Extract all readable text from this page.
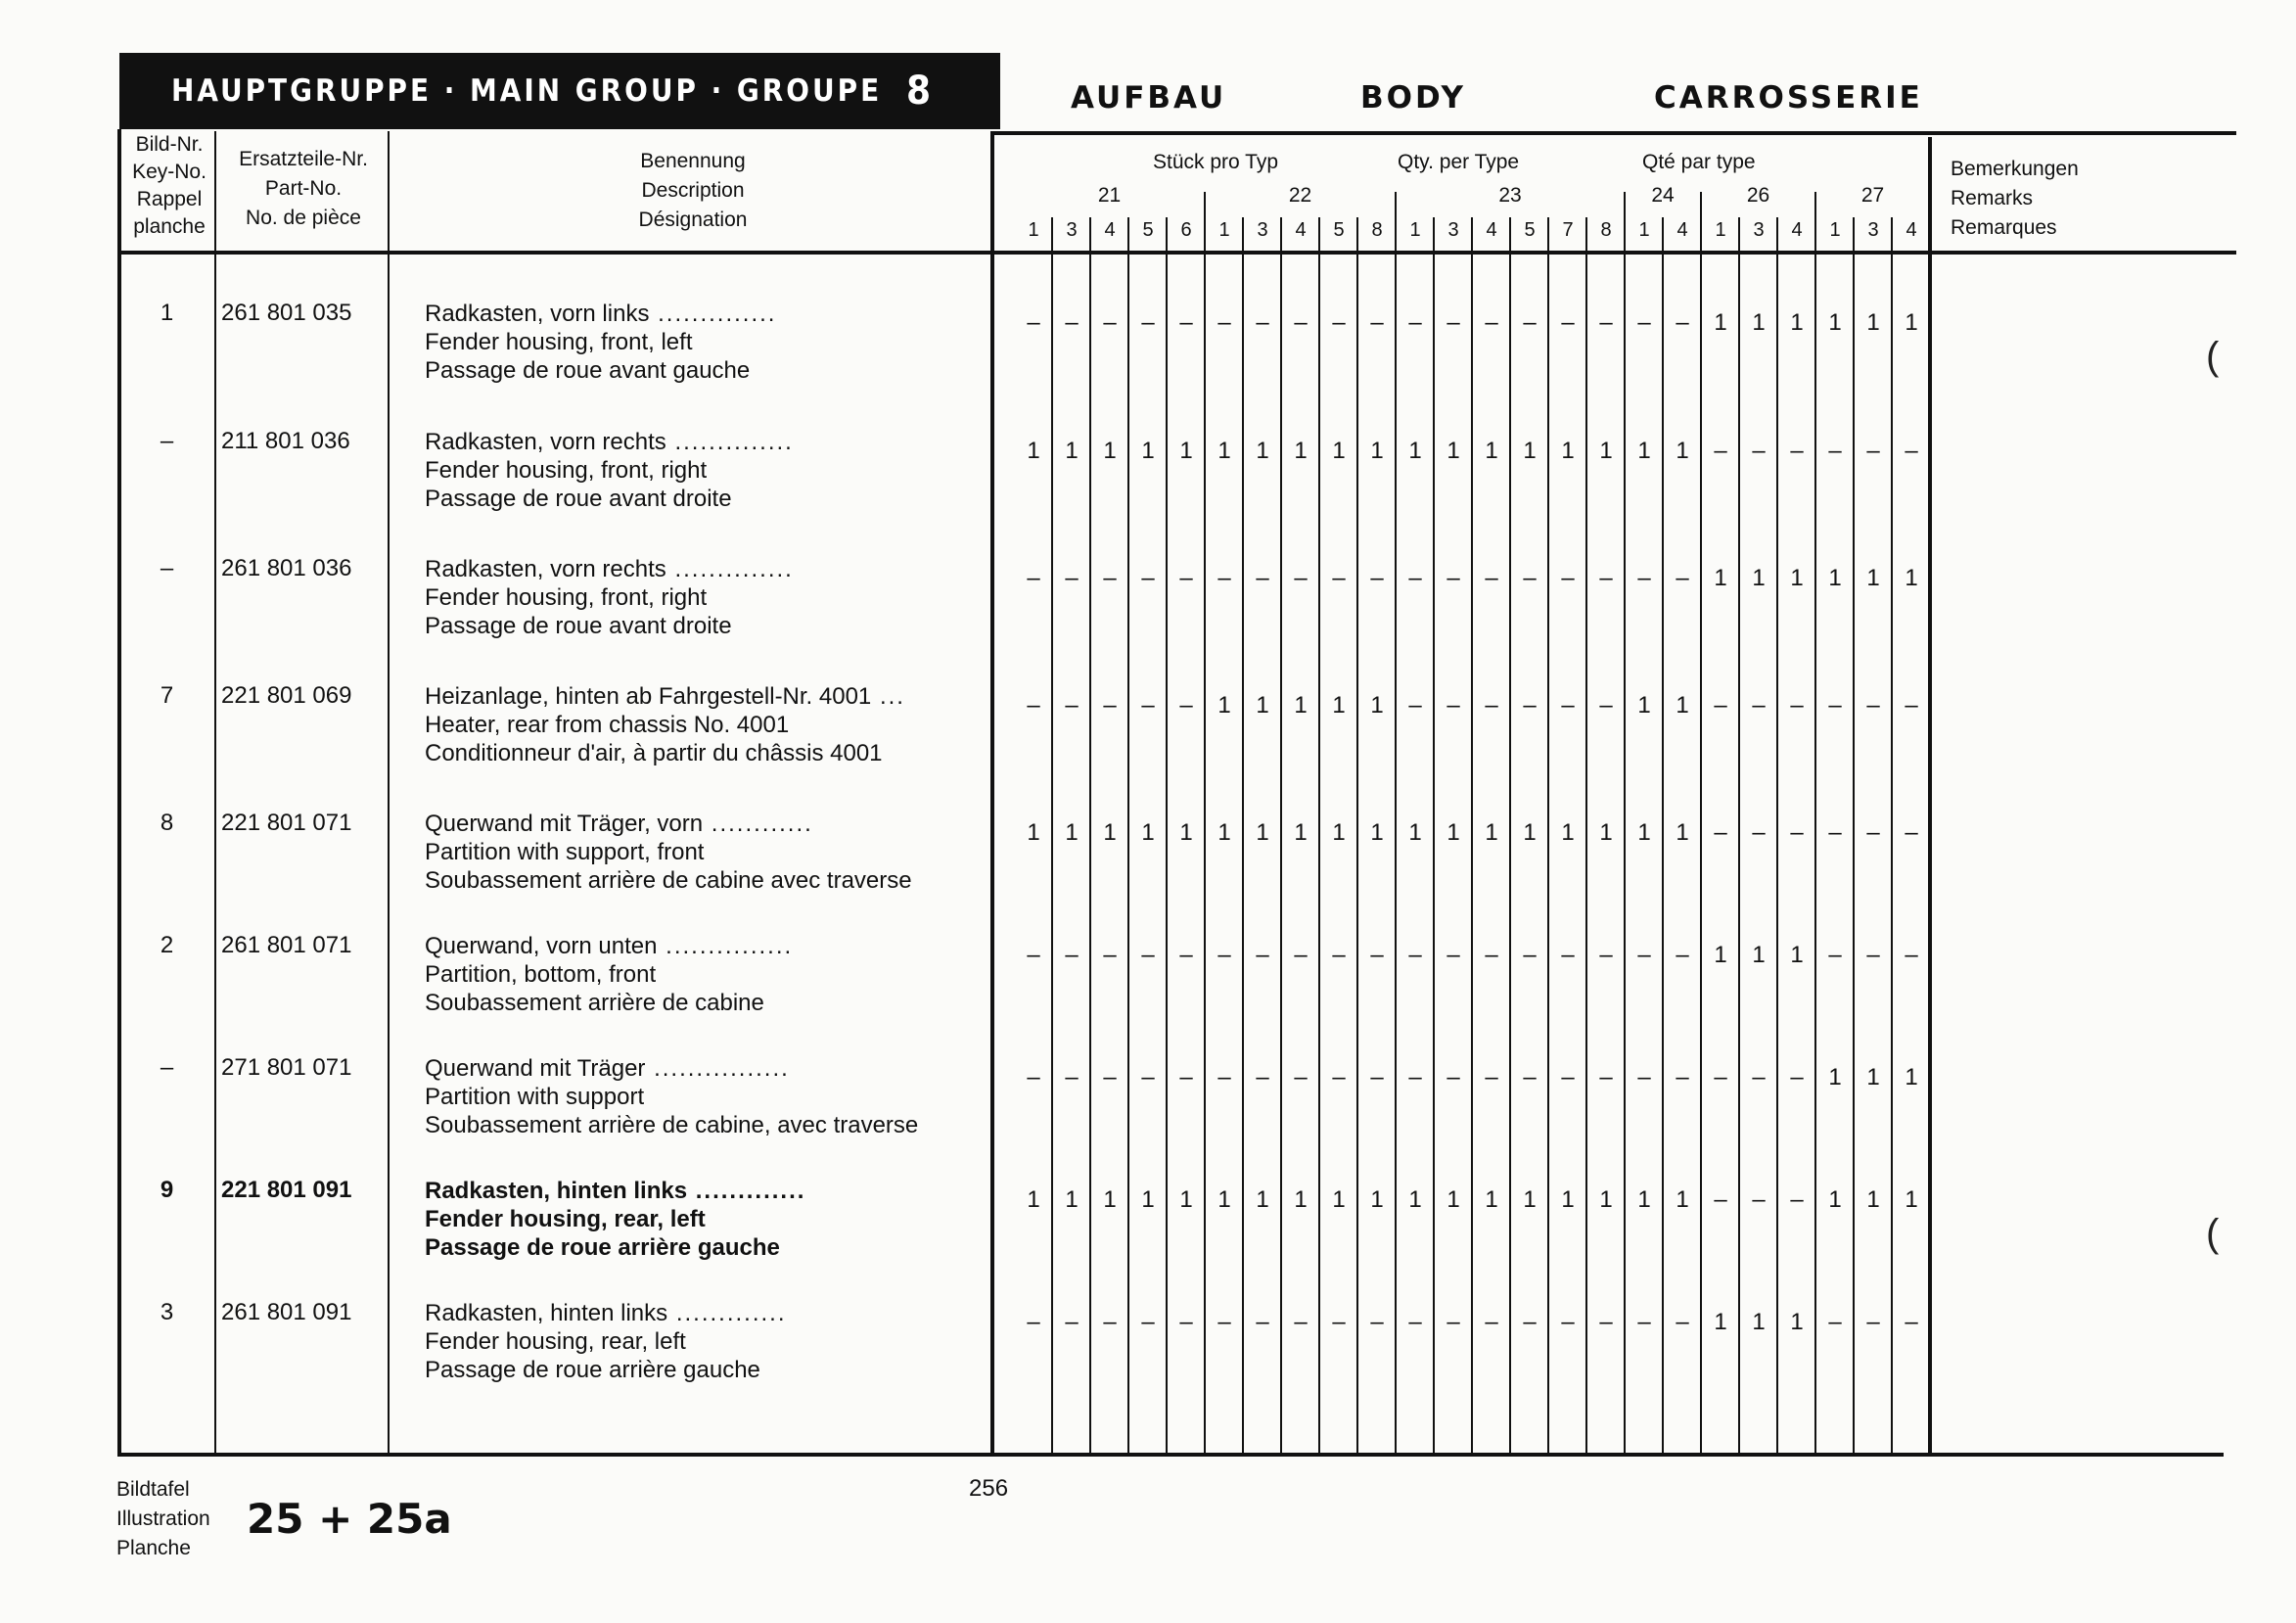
HAUPTGRUPPE · MAIN GROUP · GROUPE 8	AUFBAU	BODY	CARROSSERIE
Bild-Nr.
Key-No.
Rappel
planche
Ersatzteile-Nr.
Part-No.
No. de pièce
Benennung
Description
Désignation
Stück pro Typ	Qty. per Type	Qté par type	Bemerkungen
Remarks
Remarques
21	22	23	24	26	27
1	3	4	5	6	1	3	4	5	8	1	3	4	5	7	8	1	4	1	3	4	1	3	4
1	261 801 035	Radkasten, vorn links ..............
Fender housing, front, left
Passage de roue avant gauche
–	–	–	–	–	–	–	–	–	–	–	–	–	–	–	–	–	–	1	1	1	1	1	1
–	211 801 036	Radkasten, vorn rechts ..............
Fender housing, front, right
Passage de roue avant droite
1	1	1	1	1	1	1	1	1	1	1	1	1	1	1	1	1	1	–	–	–	–	–	–
–	261 801 036	Radkasten, vorn rechts ..............
Fender housing, front, right
Passage de roue avant droite
–	–	–	–	–	–	–	–	–	–	–	–	–	–	–	–	–	–	1	1	1	1	1	1
7	221 801 069	Heizanlage, hinten ab Fahrgestell-Nr. 4001 ...
Heater, rear from chassis No. 4001
Conditionneur d'air, à partir du châssis 4001
–	–	–	–	–	1	1	1	1	1	–	–	–	–	–	–	1	1	–	–	–	–	–	–
8	221 801 071	Querwand mit Träger, vorn ............
Partition with support, front
Soubassement arrière de cabine avec traverse
1	1	1	1	1	1	1	1	1	1	1	1	1	1	1	1	1	1	–	–	–	–	–	–
2	261 801 071	Querwand, vorn unten ...............
Partition, bottom, front
Soubassement arrière de cabine
–	–	–	–	–	–	–	–	–	–	–	–	–	–	–	–	–	–	1	1	1	–	–	–
–	271 801 071	Querwand mit Träger ................
Partition with support
Soubassement arrière de cabine, avec traverse
–	–	–	–	–	–	–	–	–	–	–	–	–	–	–	–	–	–	–	–	–	1	1	1
9	221 801 091	Radkasten, hinten links .............
Fender housing, rear, left
Passage de roue arrière gauche
1	1	1	1	1	1	1	1	1	1	1	1	1	1	1	1	1	1	–	–	–	1	1	1
3	261 801 091	Radkasten, hinten links .............
Fender housing, rear, left
Passage de roue arrière gauche
–	–	–	–	–	–	–	–	–	–	–	–	–	–	–	–	–	–	1	1	1	–	–	–
Bildtafel
Illustration
Planche
25 + 25a
256
(
(
